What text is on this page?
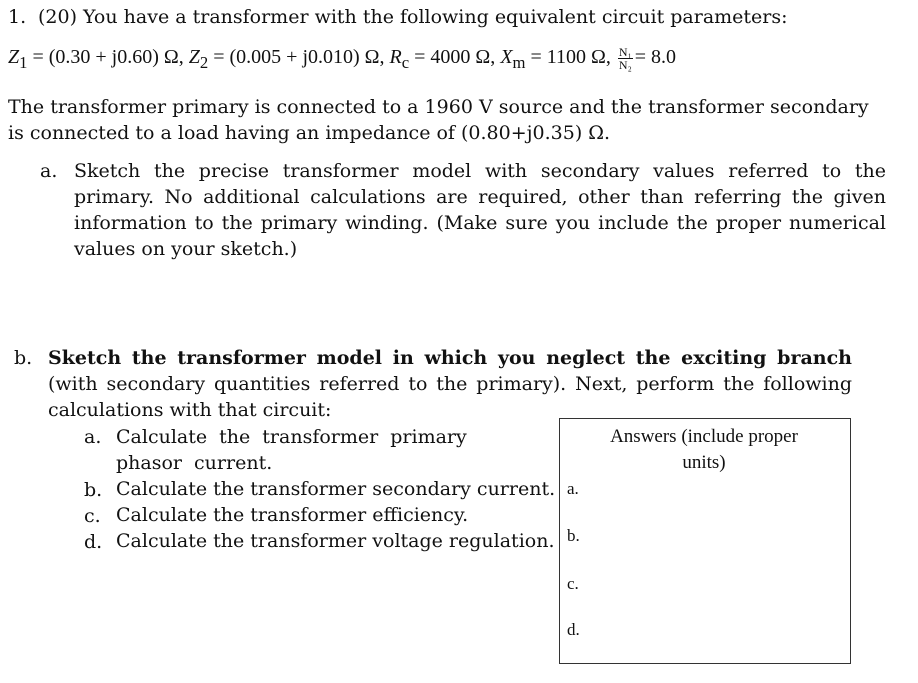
1. (20) You have a transformer with the following equivalent circuit parameters:
$Z_1 = (0.30 + j0.60)$ Ω, $Z_2 = (0.005 + j0.010)$ Ω, $R_c = 4000$ Ω, $X_m = 1100$ Ω, $\frac{\text{N₁}}{\text{N₂}} = 8.0$
The transformer primary is connected to a 1960 V source and the transformer secondary is connected to a load having an impedance of (0.80+j0.35) Ω.
a. Sketch the precise transformer model with secondary values referred to the primary. No additional calculations are required, other than referring the given information to the primary winding. (Make sure you include the proper numerical values on your sketch.)
b. Sketch the transformer model in which you neglect the exciting branch (with secondary quantities referred to the primary). Next, perform the following calculations with that circuit:
a. Calculate the transformer primary phasor current.
b. Calculate the transformer secondary current.
c. Calculate the transformer efficiency.
d. Calculate the transformer voltage regulation.
Answers (include proper units)
a.
b.
c.
d.
